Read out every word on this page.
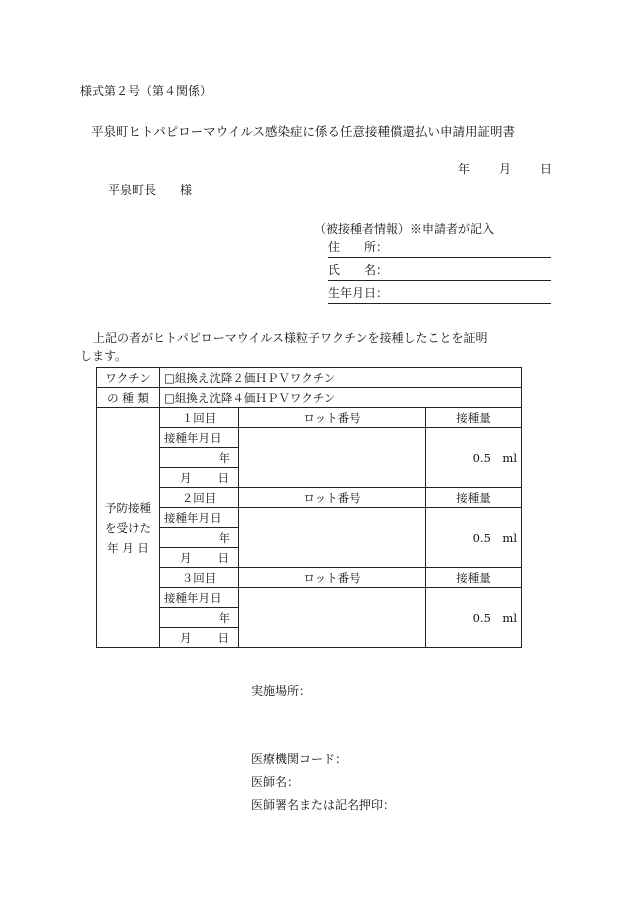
様式第２号（第４関係）
平泉町ヒトパピローマウイルス感染症に係る任意接種償還払い申請用証明書
年 月 日
平泉町長　　様
（被接種者情報）※申請者が記入
住　　所：
氏　　名：
生年月日：
上記の者がヒトパピローマウイルス様粒子ワクチンを接種したことを証明
します。
ワクチン	□組換え沈降２価ＨＰＶワクチン		
の 種 類	□組換え沈降４価ＨＰＶワクチン		

予防接種
を受けた
年 月 日	１回目	ロット番号	接種量
	接種年月日		0.5　ml
	年		
	月 日		
	２回目	ロット番号	接種量
	接種年月日		0.5　ml
	年		
	月 日		
	３回目	ロット番号	接種量
	接種年月日		0.5　ml
	年		
	月 日		
実施場所：
医療機関コード：
医師名：
医師署名または記名押印：
